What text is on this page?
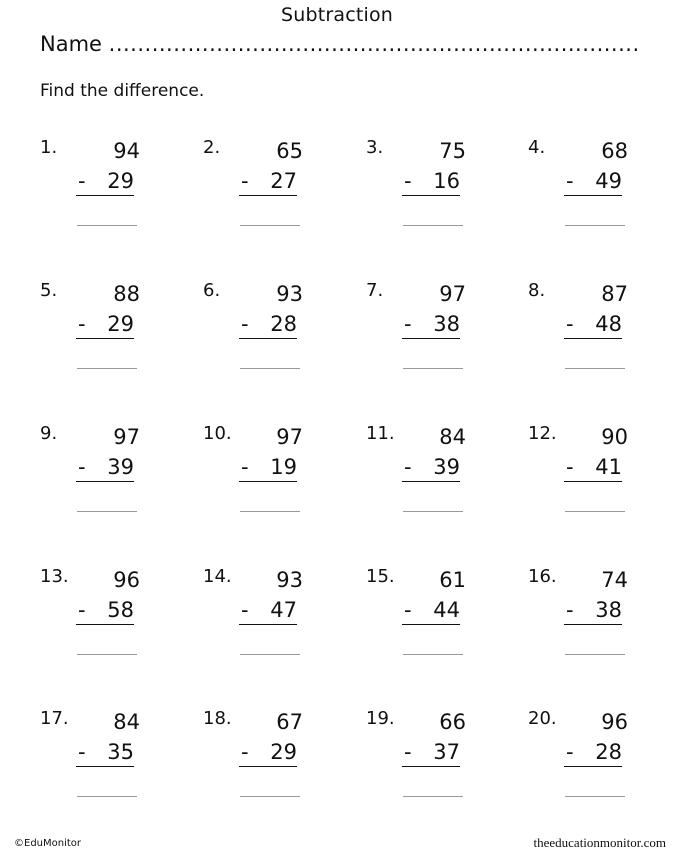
Subtraction
Name ..........................................................................
Find the difference.
1.	94
- 29
2.	65
- 27
3.	75
- 16
4.	68
- 49
5.	88
- 29
6.	93
- 28
7.	97
- 38
8.	87
- 48
9.	97
- 39
10. 97
- 19
11. 84
- 39
12. 90
- 41
13. 96
- 58
14. 93
- 47
15. 61
- 44
16. 74
- 38
17. 84
- 35
18. 67
- 29
19. 66
- 37
20. 96
- 28
©EduMonitor	theeducationmonitor.com
